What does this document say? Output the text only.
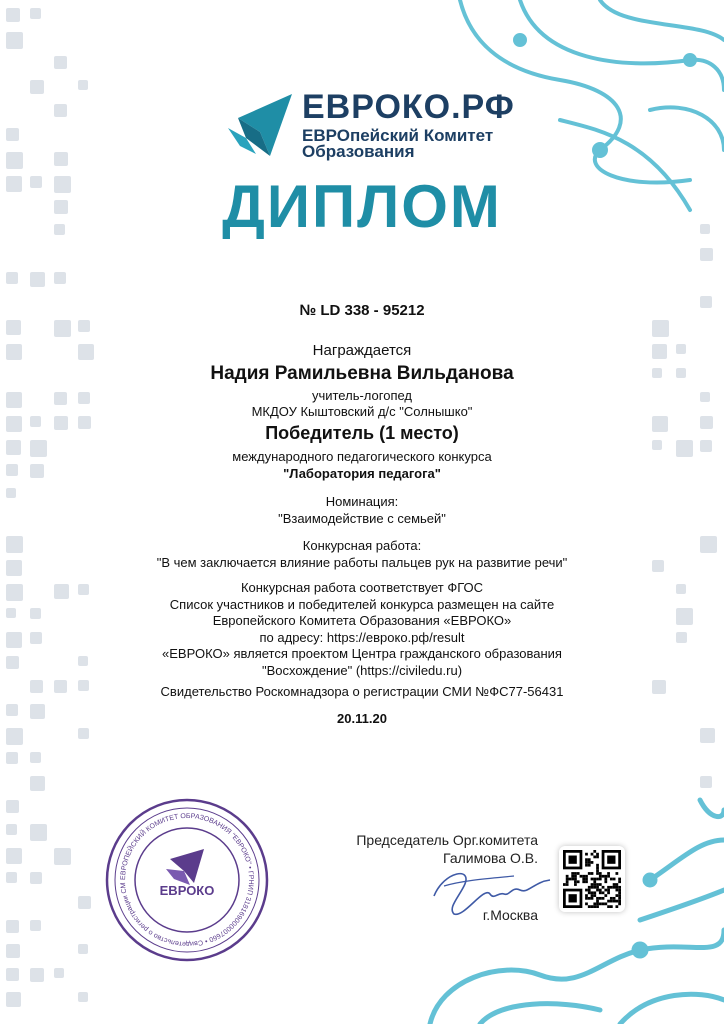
ЕВРОКО.РФ
ЕВРОпейский Комитет
Образования
ДИПЛОМ
№ LD 338 - 95212
Награждается
Надия Рамильевна Вильданова
учитель-логопед
МКДОУ Кыштовский д/с "Солнышко"
Победитель (1 место)
международного педагогического конкурса
"Лаборатория педагога"
Номинация:
"Взаимодействие с семьей"
Конкурсная работа:
"В чем заключается влияние работы пальцев рук на развитие речи"
Конкурсная работа соответствует ФГОС
Список участников и победителей конкурса размещен на сайте
Европейского Комитета Образования «ЕВРОКО»
по адресу: https://евроко.рф/result
«ЕВРОКО» является проектом Центра гражданского образования
"Восхождение" (https://civiledu.ru)
Свидетельство Роскомнадзора о регистрации СМИ №ФС77-56431
20.11.20
ЕВРОПЕЙСКИЙ КОМИТЕТ ОБРАЗОВАНИЯ "ЕВРОКО" • ГРНИП 318169000007660 • Свидетельство о регистрации СМ	ЕВРОКО
Председатель Орг.комитета
Галимова О.В.
г.Москва
